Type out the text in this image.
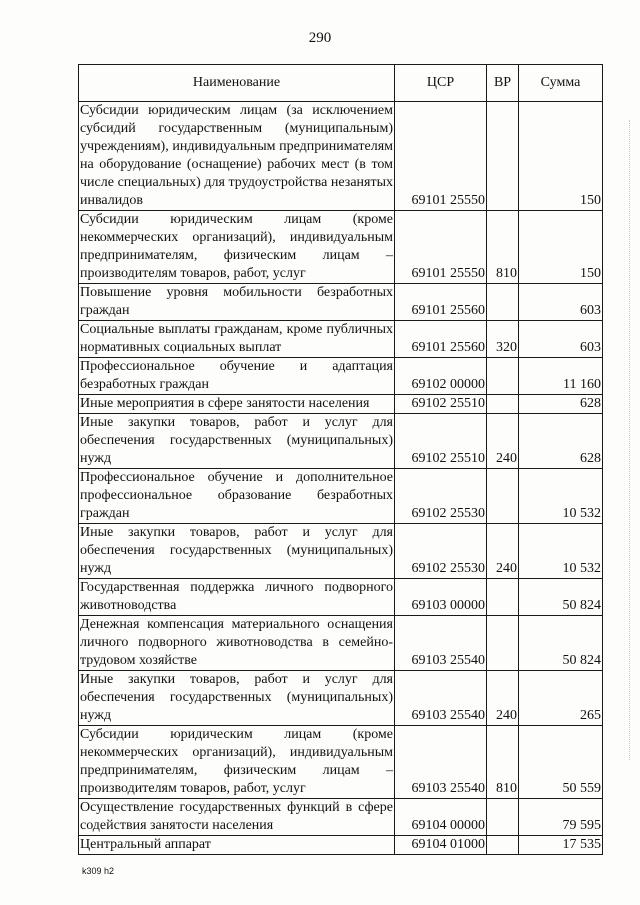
290
Наименование	ЦСР	ВР	Сумма
Субсидии юридическим лицам (за исключением субсидий государственным (муниципальным) учреждениям), индивидуальным предпринимателям на оборудование (оснащение) рабочих мест (в том числе специальных) для трудоустройства незанятых инвалидов	69101 25550		150
Субсидии юридическим лицам (кроме некоммерческих организаций), индивидуальным предпринимателям, физическим лицам – производителям товаров, работ, услуг	69101 25550	810	150
Повышение уровня мобильности безработных граждан	69101 25560		603
Социальные выплаты гражданам, кроме публичных нормативных социальных выплат	69101 25560	320	603
Профессиональное обучение и адаптация безработных граждан	69102 00000		11 160
Иные мероприятия в сфере занятости населения	69102 25510		628
Иные закупки товаров, работ и услуг для обеспечения государственных (муниципальных) нужд	69102 25510	240	628
Профессиональное обучение и дополнительное профессиональное образование безработных граждан	69102 25530		10 532
Иные закупки товаров, работ и услуг для обеспечения государственных (муниципальных) нужд	69102 25530	240	10 532
Государственная поддержка личного подворного животноводства	69103 00000		50 824
Денежная компенсация материального оснащения личного подворного животноводства в семейно-трудовом хозяйстве	69103 25540		50 824
Иные закупки товаров, работ и услуг для обеспечения государственных (муниципальных) нужд	69103 25540	240	265
Субсидии юридическим лицам (кроме некоммерческих организаций), индивидуальным предпринимателям, физическим лицам – производителям товаров, работ, услуг	69103 25540	810	50 559
Осуществление государственных функций в сфере содействия занятости населения	69104 00000		79 595
Центральный аппарат	69104 01000		17 535
k309 h2
